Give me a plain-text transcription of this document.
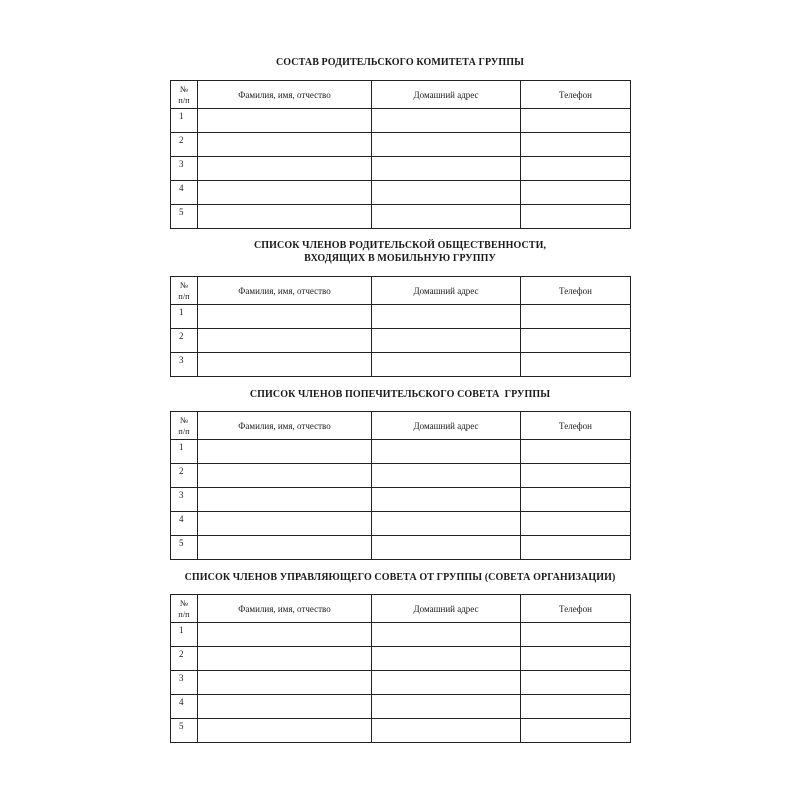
СОСТАВ РОДИТЕЛЬСКОГО КОМИТЕТА ГРУППЫ
№
п/п	Фамилия, имя, отчество	Домашний адрес	Телефон
1			
2			
3			
4			
5			
СПИСОК ЧЛЕНОВ РОДИТЕЛЬСКОЙ ОБЩЕСТВЕННОСТИ,
ВХОДЯЩИХ В МОБИЛЬНУЮ ГРУППУ
№
п/п	Фамилия, имя, отчество	Домашний адрес	Телефон
1			
2			
3			
СПИСОК ЧЛЕНОВ ПОПЕЧИТЕЛЬСКОГО СОВЕТА  ГРУППЫ
№
п/п	Фамилия, имя, отчество	Домашний адрес	Телефон
1			
2			
3			
4			
5			
СПИСОК ЧЛЕНОВ УПРАВЛЯЮЩЕГО СОВЕТА ОТ ГРУППЫ (СОВЕТА ОРГАНИЗАЦИИ)
№
п/п	Фамилия, имя, отчество	Домашний адрес	Телефон
1			
2			
3			
4			
5			
